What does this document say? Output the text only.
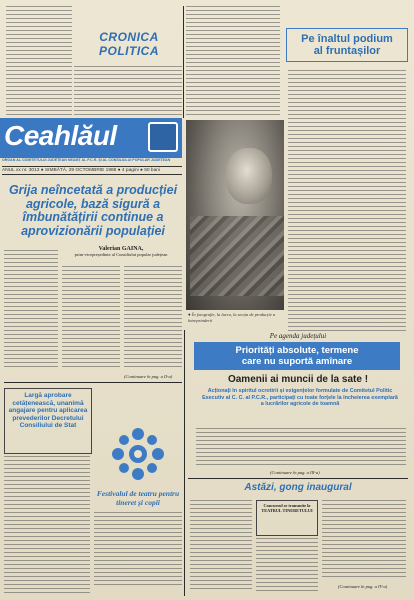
CRONICA
POLITICA
Pe înaltul podium
al fruntașilor
Ceahlăul
ORGAN AL COMITETULUI JUDEȚEAN NEAMȚ AL P.C.R. ȘI AL CONSILIULUI POPULAR JUDEȚEAN
ANUL xx nr. 3013 ● SIMBĂTĂ, 29 OCTOMBRIE 1988 ● 4 pagini ● 50 bani
● În fotografie, la lucru, la secția de producție a întreprinderii
Grija neîncetată a producției agricole, bază sigură a îmbunătățirii continue a aprovizionării populației
Valerian GAINA,
prim-vicepreședinte al Consiliului popular județean
(Continuare în pag. a II-a)
Largă aprobare cetățenească, unanimă angajare pentru aplicarea prevederilor Decretului Consiliului de Stat
Festivalul de teatru pentru tineret și copii
Pe agenda județului
Priorități absolute, termene
care nu suportă amînare
Oamenii ai muncii de la sate !
Acționați în spiritul ocrotirii și exigențelor formulate de Comitetul Politic Executiv al C. C. al P.C.R., participați cu toate forțele la încheierea exemplară a lucrărilor agricole de toamnă
(Continuare în pag. a III-a)
Astăzi, gong inaugural
Concursul se transmite la TEATRUL TINERETULUI
(Continuare în pag. a IV-a)
